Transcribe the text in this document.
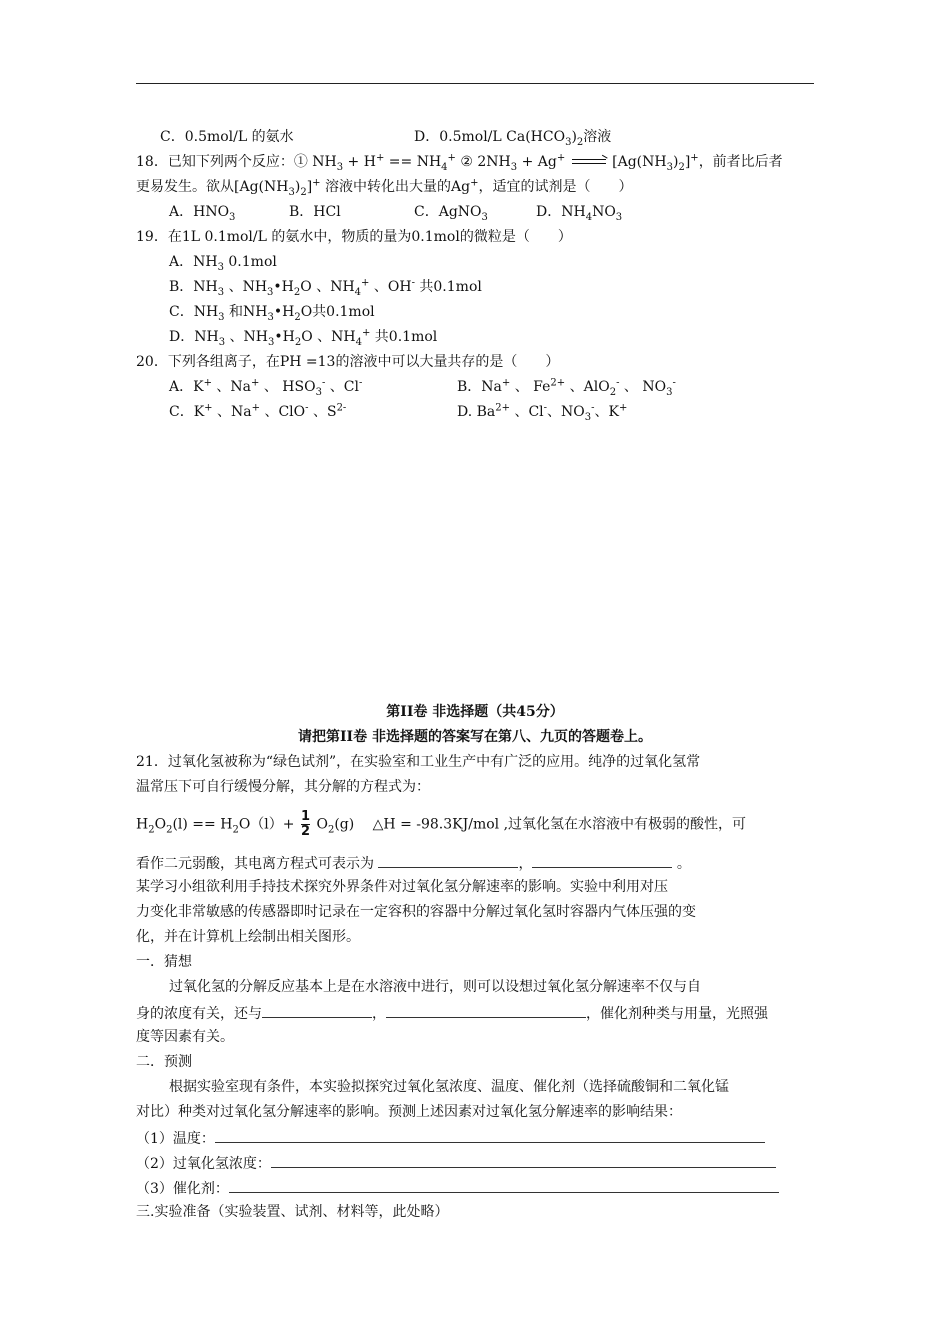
C．0.5mol/L 的氨水	D．0.5mol/L $Ca(HCO_3)_2$溶液
18．已知下列两个反应：① $NH_3 + H^+ == NH_4^+$ ② $2NH_3 + Ag^+ \to [Ag(NH_3)_2]^+$，前者比后者
更易发生。欲从$[Ag(NH_3)_2]^+$ 溶液中转化出大量的Ag+，适宜的试剂是（　　）
A．$HNO_3$	B．HCl	C．AgNO$_3$	D．$NH_4NO_3$
19．在1L 0.1mol/L 的氨水中，物质的量为0.1mol的微粒是（　　）
A．$NH_3$ 0.1mol
B．$NH_3$ 、$NH_3•H_2O$ 、$NH_4^+$ 、OH- 共0.1mol
C．$NH_3$ 和$NH_3•H_2O$共0.1mol
D．$NH_3$ 、$NH_3•H_2O$ 、$NH_4^+$ 共0.1mol
20．下列各组离子，在PH =13的溶液中可以大量共存的是（　　）
A．K+ 、Na+ 、 $HSO_3^-$ 、Cl-	B．Na+ 、 $Fe^{2+}$ 、AlO$_2$- 、 $NO_3^-$
C．K+ 、Na+ 、ClO- 、$S^{2-}$	D. $Ba^{2+}$ 、Cl-、$NO_3^-$、K+
第II卷 非选择题（共45分）
请把第II卷 非选择题的答案写在第八、九页的答题卷上。
21．过氧化氢被称为“绿色试剂”，在实验室和工业生产中有广泛的应用。纯净的过氧化氢常
温常压下可自行缓慢分解，其分解的方程式为：
$H_2O_2(l) == H_2O(l)+ \frac{1}{2} O_2(g)$　 △H = -98.3KJ/mol ,过氧化氢在水溶液中有极弱的酸性，可
看作二元弱酸，其电离方程式可表示为	，	。
某学习小组欲利用手持技术探究外界条件对过氧化氢分解速率的影响。实验中利用对压
力变化非常敏感的传感器即时记录在一定容积的容器中分解过氧化氢时容器内气体压强的变
化，并在计算机上绘制出相关图形。
一．猜想
过氧化氢的分解反应基本上是在水溶液中进行，则可以设想过氧化氢分解速率不仅与自
身的浓度有关，还与	，	，催化剂种类与用量，光照强
度等因素有关。
二．预测
根据实验室现有条件，本实验拟探究过氧化氢浓度、温度、催化剂（选择硫酸铜和二氧化锰
对比）种类对过氧化氢分解速率的影响。预测上述因素对过氧化氢分解速率的影响结果：
（1）温度：
（2）过氧化氢浓度：
（3）催化剂：
三.实验准备（实验装置、试剂、材料等，此处略）
